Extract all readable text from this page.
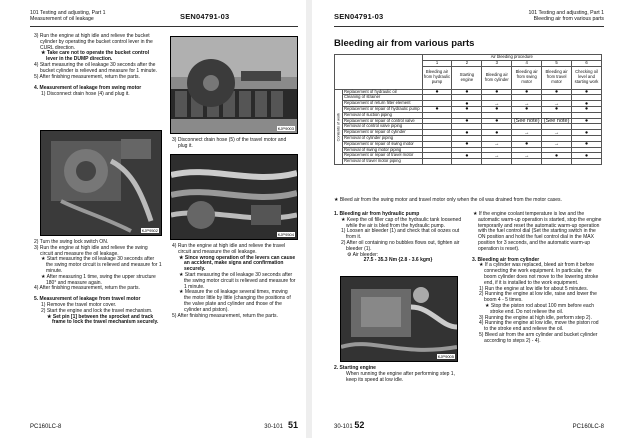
101 Testing and adjusting, Part 1
Measurement of oil leakage	SEN04791-03

3) Run the engine at high idle and relieve the bucket cylinder by operating the bucket control lever in the CURL direction.

★ Take care not to operate the bucket control lever in the DUMP direction.

4) Start measuring the oil leakage 30 seconds after the bucket cylinder is relieved and measure for 1 minute.

5) After finishing measurement, return the parts.

4. Measurement of leakage from swing motor

1) Disconnect drain hose (4) and plug it.

KJP9502

2) Turn the swing lock switch ON.

3) Run the engine at high idle and relieve the swing circuit and measure the oil leakage.

★ Start measuring the oil leakage 30 seconds after the swing motor circuit is relieved and measure for 1 minute.

★ After measuring 1 time, swing the upper structure 180° and measure again.

4) After finishing measurement, return the parts.

5. Measurement of leakage from travel motor

1) Remove the travel motor cover.

2) Start the engine and lock the travel mechanism.

★ Set pin [1] between the sprocket and track frame to lock the travel mechanism securely.

KJP9003

3) Disconnect drain hose (5) of the travel motor and plug it.

KJP9504

4) Run the engine at high idle and relieve the travel circuit and measure the oil leakage.

★ Since wrong operation of the levers can cause an accident, make signs and confirmation securely.

★ Start measuring the oil leakage 30 seconds after the swing motor circuit is relieved and measure for 1 minute.

★ Measure the oil leakage several times, moving the motor little by little (changing the positions of the valve plate and cylinder and those of the cylinder and piston).

5) After finishing measurement, return the parts.

PC160LC-8	30-101 51
SEN04791-03	101 Testing and adjusting, Part 1
Bleeding air from various parts
Bleeding air from various parts
		Air bleeding procedure					
		1	2	3	4	5	6
		Bleeding air from hydraulic pump	Starting engine	Bleeding air from cylinder	Bleeding air from swing motor	Bleeding air from travel motor	Checking oil level and starting work
Contents of work	Replacement of hydraulic oil	●	●	●	●	●	●
	Cleaning of strainer						
	Replacement of return filter element		●	→	→	→	●
	Replacement or repair of hydraulic pump	●	●	●	●	●	●
	Removal of suction piping						
	Replacement or repair of control valve		●	●	(See note)	(See note)	●
	Removal of control valve piping						
	Replacement or repair of cylinder		●	●	→	→	●
	Removal of cylinder piping						
	Replacement or repair of swing motor		●	→	●	→	●
	Removal of swing motor piping						
	Replacement or repair of travel motor		●	→	→	●	●
	Removal of travel motor piping						

★ Bleed air from the swing motor and travel motor only when the oil was drained from the motor cases.

1. Bleeding air from hydraulic pump

★ Keep the oil filler cap of the hydraulic tank loosened while the air is bled from the hydraulic pump.

1) Loosen air bleeder (1) and check that oil oozes out from it.

2) After oil containing no bubbles flows out, tighten air bleeder (1).

⚙ Air bleeder:

27.5 - 35.3 Nm {2.8 - 3.6 kgm}

KJP9005

2. Starting engine

When running the engine after performing step 1, keep its speed at low idle.

★ If the engine coolant temperature is low and the automatic warm-up operation is started, stop the engine temporarily and reset the automatic warm-up operation with the fuel control dial (Set the starting switch in the ON position and hold the fuel control dial in the MAX position for 3 seconds, and the automatic warm-up operation is reset).

3. Bleeding air from cylinder

★ If a cylinder was replaced, bleed air from it before connecting the work equipment. In particular, the boom cylinder does not move to the lowering stroke end, if it is installed to the work equipment.

1) Run the engine at low idle for about 5 minutes.

2) Running the engine at low idle, raise and lower the boom 4 - 5 times.

★ Stop the piston rod about 100 mm before each stroke end. Do not relieve the oil.

3) Running the engine at high idle, perform step 2).

4) Running the engine at low idle, move the piston rod to the stroke end and relieve the oil.

5) Bleed air from the arm cylinder and bucket cylinder according to steps 2) - 4).

30-101 52	PC160LC-8
